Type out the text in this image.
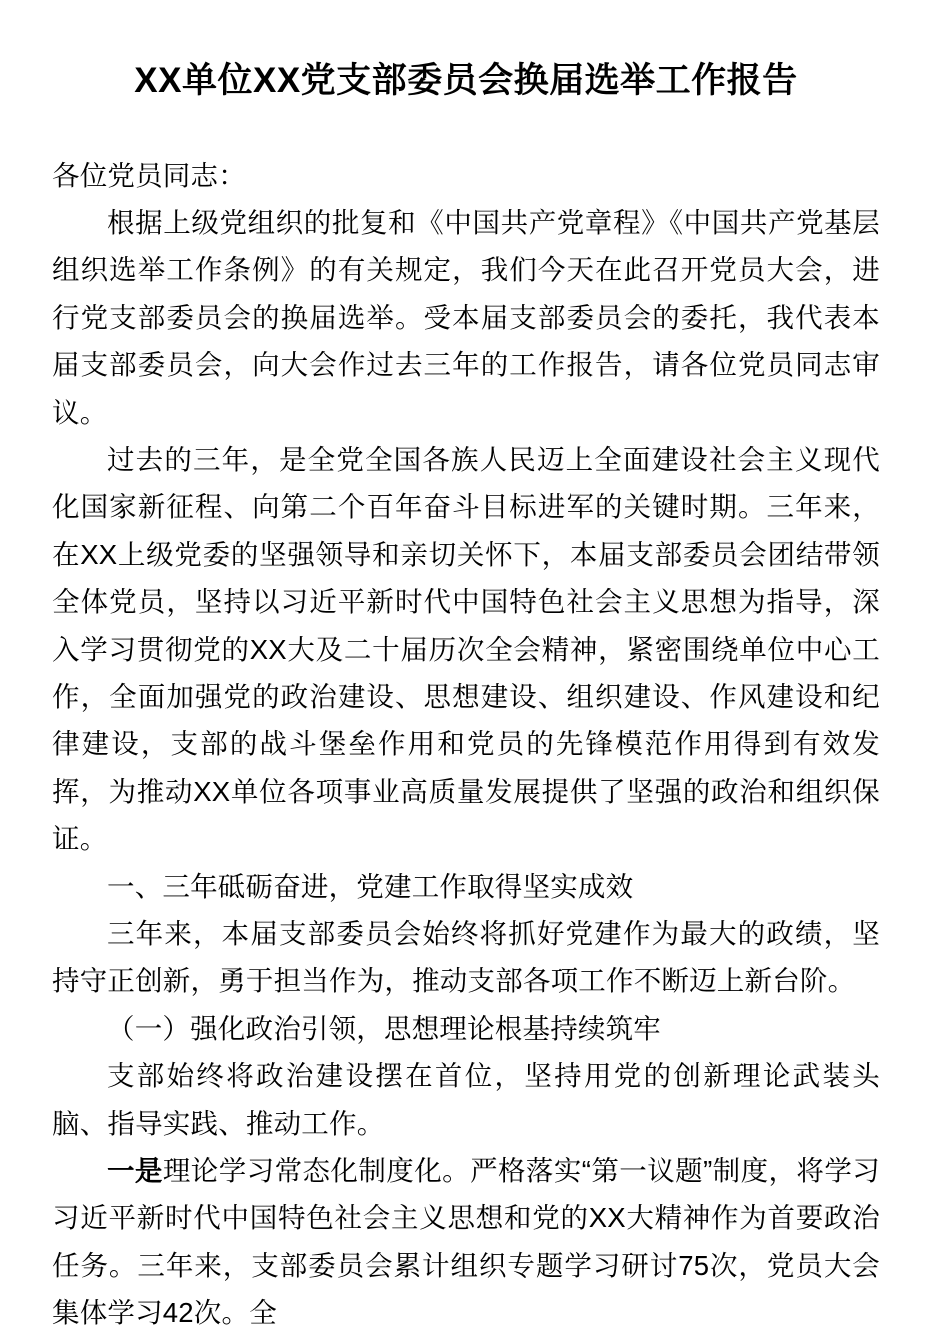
XX单位XX党支部委员会换届选举工作报告

各位党员同志：

根据上级党组织的批复和《中国共产党章程》《中国共产党基层组织选举工作条例》的有关规定，我们今天在此召开党员大会，进行党支部委员会的换届选举。受本届支部委员会的委托，我代表本届支部委员会，向大会作过去三年的工作报告，请各位党员同志审议。

过去的三年，是全党全国各族人民迈上全面建设社会主义现代化国家新征程、向第二个百年奋斗目标进军的关键时期。三年来，在XX上级党委的坚强领导和亲切关怀下，本届支部委员会团结带领全体党员，坚持以习近平新时代中国特色社会主义思想为指导，深入学习贯彻党的XX大及二十届历次全会精神，紧密围绕单位中心工作，全面加强党的政治建设、思想建设、组织建设、作风建设和纪律建设，支部的战斗堡垒作用和党员的先锋模范作用得到有效发挥，为推动XX单位各项事业高质量发展提供了坚强的政治和组织保证。

一、三年砥砺奋进，党建工作取得坚实成效

三年来，本届支部委员会始终将抓好党建作为最大的政绩，坚持守正创新，勇于担当作为，推动支部各项工作不断迈上新台阶。

（一）强化政治引领，思想理论根基持续筑牢

支部始终将政治建设摆在首位，坚持用党的创新理论武装头脑、指导实践、推动工作。

一是理论学习常态化制度化。严格落实“第一议题”制度，将学习习近平新时代中国特色社会主义思想和党的XX大精神作为首要政治任务。三年来，支部委员会累计组织专题学习研讨75次，党员大会集体学习42次。全
